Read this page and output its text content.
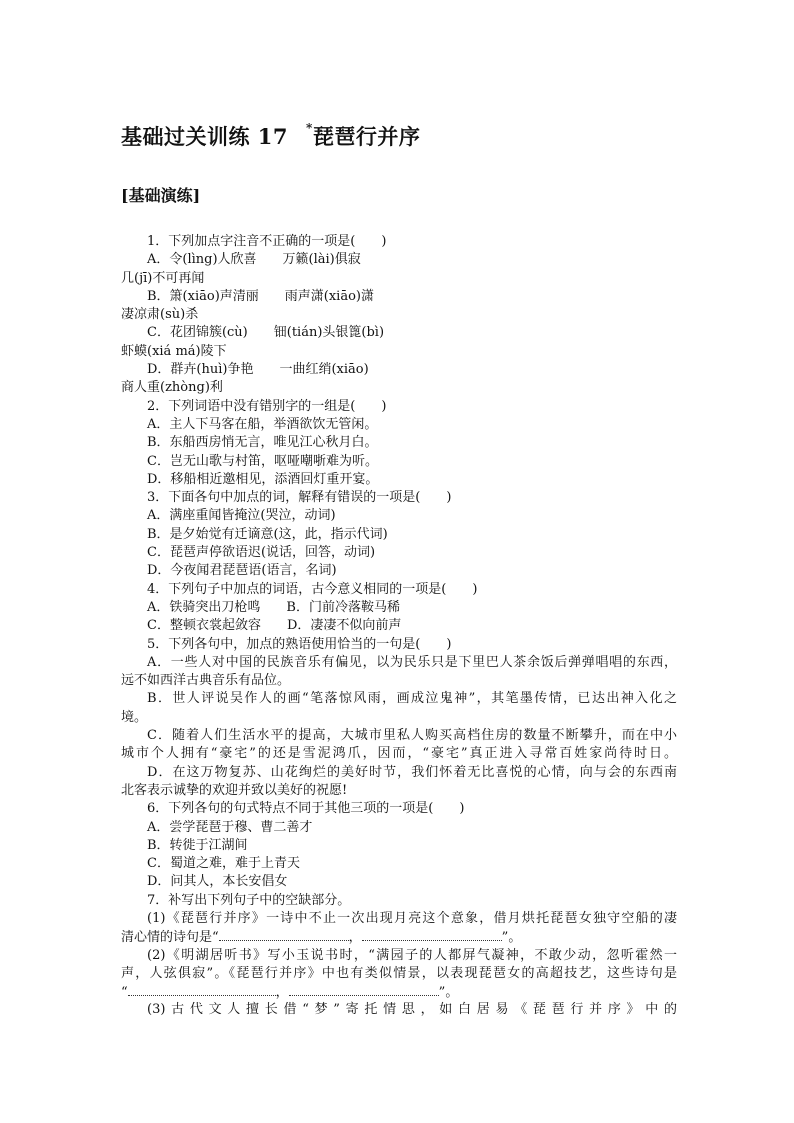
基础过关训练 17 *琵琶行并序
[基础演练]
1．下列加点字注音不正确的一项是(　　)
A．令(lìng)人欣喜　　万籁(lài)俱寂
几(jī)不可再闻
B．箫(xiāo)声清丽　　雨声潇(xiāo)潇
凄凉肃(sù)杀
C．花团锦簇(cù)　　钿(tián)头银篦(bì)
虾蟆(xiá má)陵下
D．群卉(huì)争艳　　一曲红绡(xiāo)
商人重(zhòng)利
2．下列词语中没有错别字的一组是(　　)
A．主人下马客在船，举酒欲饮无管闲。
B．东船西房悄无言，唯见江心秋月白。
C．岂无山歌与村笛，呕哑嘲哳难为听。
D．移船相近邀相见，添酒回灯重开宴。
3．下面各句中加点的词，解释有错误的一项是(　　)
A．满座重闻皆掩泣(哭泣，动词)
B．是夕始觉有迁谪意(这，此，指示代词)
C．琵琶声停欲语迟(说话，回答，动词)
D．今夜闻君琵琶语(语言，名词)
4．下列句子中加点的词语，古今意义相同的一项是(　　)
A．铁骑突出刀枪鸣　　B．门前冷落鞍马稀
C．整顿衣裳起敛容　　D．凄凄不似向前声
5．下列各句中，加点的熟语使用恰当的一句是(　　)
A．一些人对中国的民族音乐有偏见，以为民乐只是下里巴人茶余饭后弹弹唱唱的东西，
远不如西洋古典音乐有品位。
B．世人评说吴作人的画“笔落惊风雨，画成泣鬼神”，其笔墨传情，已达出神入化之
境。
C．随着人们生活水平的提高，大城市里私人购买高档住房的数量不断攀升，而在中小
城市个人拥有“豪宅”的还是雪泥鸿爪，因而，“豪宅”真正进入寻常百姓家尚待时日。
D．在这万物复苏、山花绚烂的美好时节，我们怀着无比喜悦的心情，向与会的东西南
北客表示诚挚的欢迎并致以美好的祝愿!
6．下列各句的句式特点不同于其他三项的一项是(　　)
A．尝学琵琶于穆、曹二善才
B．转徙于江湖间
C．蜀道之难，难于上青天
D．问其人，本长安倡女
7．补写出下列句子中的空缺部分。
(1)《琵琶行并序》一诗中不止一次出现月亮这个意象，借月烘托琵琶女独守空船的凄
清心情的诗句是“	，	”。
(2)《明湖居听书》写小玉说书时，“满园子的人都屏气凝神，不敢少动，忽听霍然一
声，人弦俱寂”。《琵琶行并序》中也有类似情景，以表现琵琶女的高超技艺，这些诗句是
“	，	”。
(3)古代文人擅长借“梦”寄托情思，如白居易《琵琶行并序》中的
